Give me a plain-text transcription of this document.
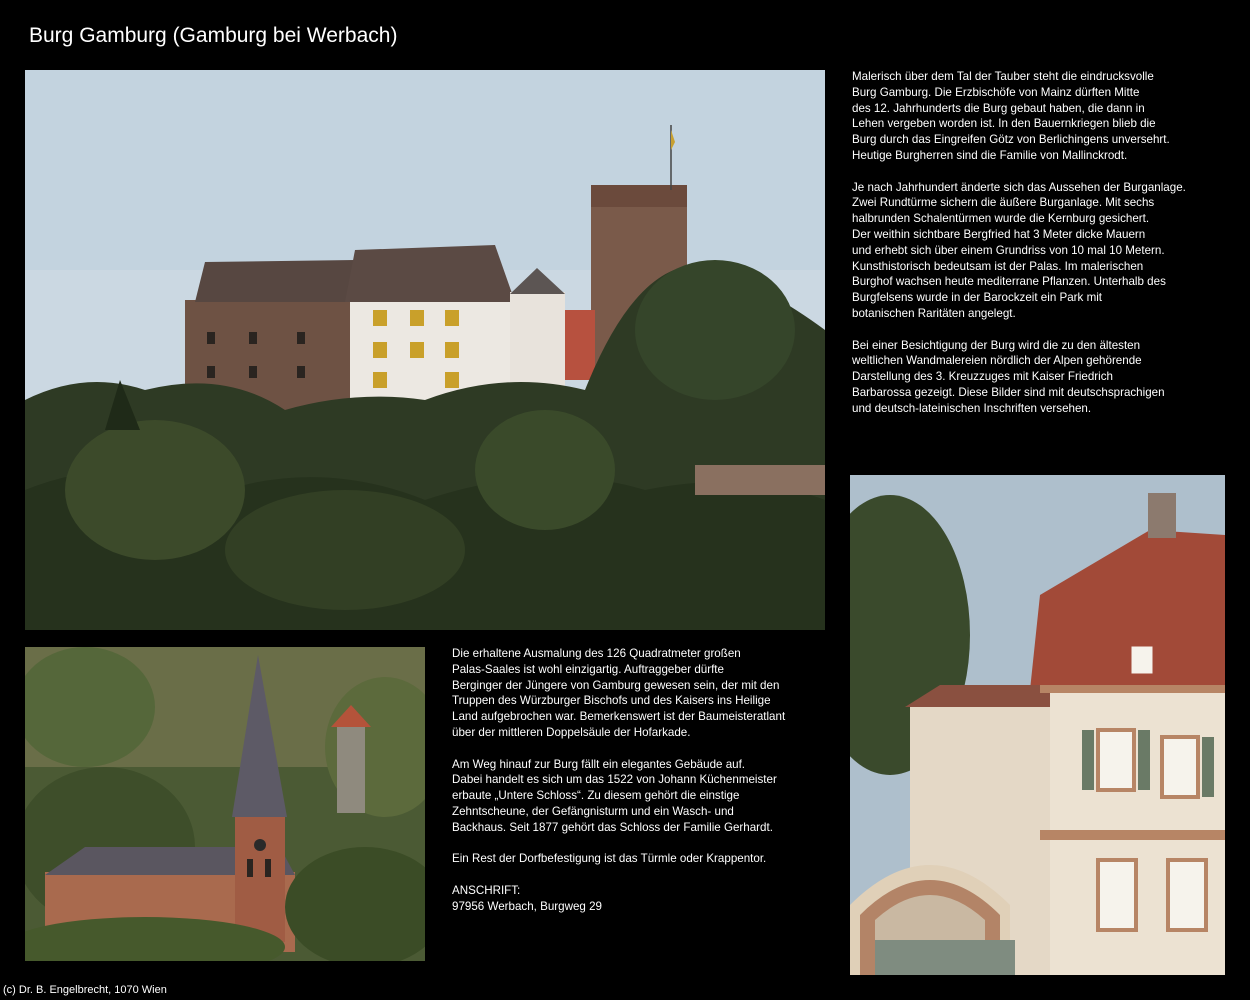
Burg Gamburg (Gamburg bei Werbach)

Malerisch über dem Tal der Tauber steht die eindrucksvolle
Burg Gamburg. Die Erzbischöfe von Mainz dürften Mitte
des 12. Jahrhunderts die Burg gebaut haben, die dann in
Lehen vergeben worden ist. In den Bauernkriegen blieb die
Burg durch das Eingreifen Götz von Berlichingens unversehrt.
Heutige Burgherren sind die Familie von Mallinckrodt.

Je nach Jahrhundert änderte sich das Aussehen der Burganlage.
Zwei Rundtürme sichern die äußere Burganlage. Mit sechs
halbrunden Schalentürmen wurde die Kernburg gesichert.
Der weithin sichtbare Bergfried hat 3 Meter dicke Mauern
und erhebt sich über einem Grundriss von 10 mal 10 Metern.
Kunsthistorisch bedeutsam ist der Palas. Im malerischen
Burghof wachsen heute mediterrane Pflanzen. Unterhalb des
Burgfelsens wurde in der Barockzeit ein Park mit
botanischen Raritäten angelegt.

Bei einer Besichtigung der Burg wird die zu den ältesten
weltlichen Wandmalereien nördlich der Alpen gehörende
Darstellung des 3. Kreuzzuges mit Kaiser Friedrich
Barbarossa gezeigt. Diese Bilder sind mit deutschsprachigen
und deutsch-lateinischen Inschriften versehen.

Die erhaltene Ausmalung des 126 Quadratmeter großen
Palas-Saales ist wohl einzigartig. Auftraggeber dürfte
Berginger der Jüngere von Gamburg gewesen sein, der mit den
Truppen des Würzburger Bischofs und des Kaisers ins Heilige
Land aufgebrochen war. Bemerkenswert ist der Baumeisteratlant
über der mittleren Doppelsäule der Hofarkade.

Am Weg hinauf zur Burg fällt ein elegantes Gebäude auf.
Dabei handelt es sich um das 1522 von Johann Küchenmeister
erbaute „Untere Schloss“. Zu diesem gehört die einstige
Zehntscheune, der Gefängnisturm und ein Wasch- und
Backhaus. Seit 1877 gehört das Schloss der Familie Gerhardt.

Ein Rest der Dorfbefestigung ist das Türmle oder Krappentor.

ANSCHRIFT:
97956 Werbach, Burgweg 29

(c) Dr. B. Engelbrecht, 1070 Wien
